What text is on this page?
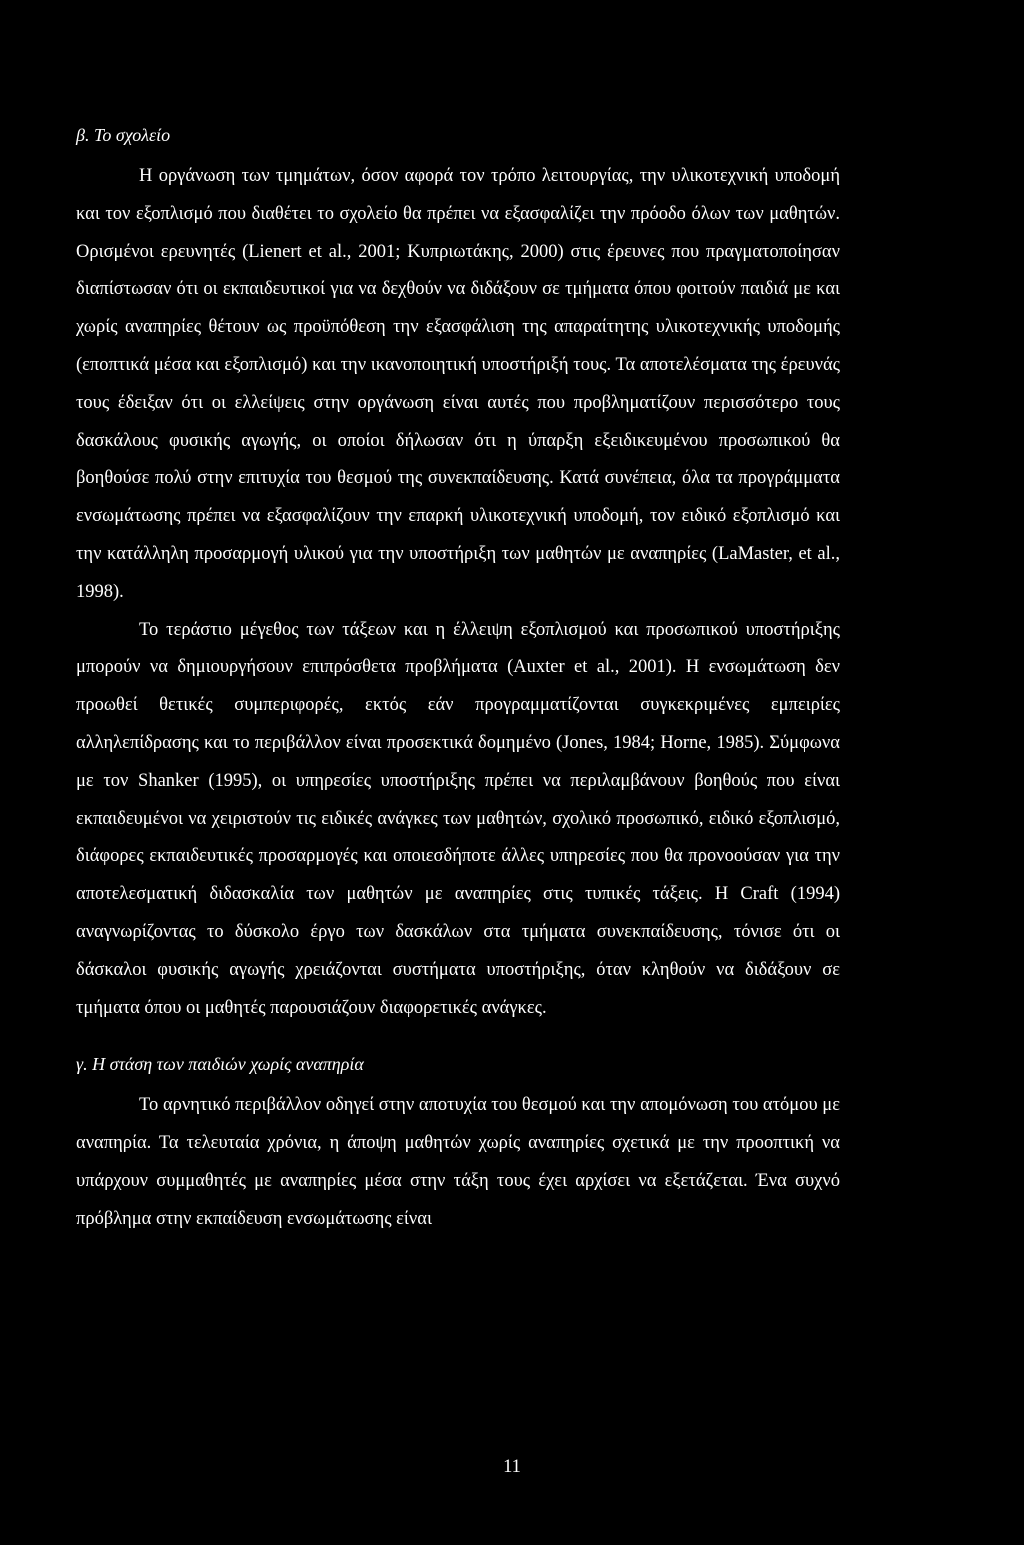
β. Το σχολείο

Η οργάνωση των τμημάτων, όσον αφορά τον τρόπο λειτουργίας, την υλικοτεχνική υποδομή και τον εξοπλισμό που διαθέτει το σχολείο θα πρέπει να εξασφαλίζει την πρόοδο όλων των μαθητών. Ορισμένοι ερευνητές (Lienert et al., 2001; Κυπριωτάκης, 2000) στις έρευνες που πραγματοποίησαν διαπίστωσαν ότι οι εκπαιδευτικοί για να δεχθούν να διδάξουν σε τμήματα όπου φοιτούν παιδιά με και χωρίς αναπηρίες θέτουν ως προϋπόθεση την εξασφάλιση της απαραίτητης υλικοτεχνικής υποδομής (εποπτικά μέσα και εξοπλισμό) και την ικανοποιητική υποστήριξή τους. Τα αποτελέσματα της έρευνάς τους έδειξαν ότι οι ελλείψεις στην οργάνωση είναι αυτές που προβληματίζουν περισσότερο τους δασκάλους φυσικής αγωγής, οι οποίοι δήλωσαν ότι η ύπαρξη εξειδικευμένου προσωπικού θα βοηθούσε πολύ στην επιτυχία του θεσμού της συνεκπαίδευσης. Κατά συνέπεια, όλα τα προγράμματα ενσωμάτωσης πρέπει να εξασφαλίζουν την επαρκή υλικοτεχνική υποδομή, τον ειδικό εξοπλισμό και την κατάλληλη προσαρμογή υλικού για την υποστήριξη των μαθητών με αναπηρίες (LaMaster, et al., 1998).

Το τεράστιο μέγεθος των τάξεων και η έλλειψη εξοπλισμού και προσωπικού υποστήριξης μπορούν να δημιουργήσουν επιπρόσθετα προβλήματα (Auxter et al., 2001). Η ενσωμάτωση δεν προωθεί θετικές συμπεριφορές, εκτός εάν προγραμματίζονται συγκεκριμένες εμπειρίες αλληλεπίδρασης και το περιβάλλον είναι προσεκτικά δομημένο (Jones, 1984; Horne, 1985). Σύμφωνα με τον Shanker (1995), οι υπηρεσίες υποστήριξης πρέπει να περιλαμβάνουν βοηθούς που είναι εκπαιδευμένοι να χειριστούν τις ειδικές ανάγκες των μαθητών, σχολικό προσωπικό, ειδικό εξοπλισμό, διάφορες εκπαιδευτικές προσαρμογές και οποιεσδήποτε άλλες υπηρεσίες που θα προνοούσαν για την αποτελεσματική διδασκαλία των μαθητών με αναπηρίες στις τυπικές τάξεις. Η Craft (1994) αναγνωρίζοντας το δύσκολο έργο των δασκάλων στα τμήματα συνεκπαίδευσης, τόνισε ότι οι δάσκαλοι φυσικής αγωγής χρειάζονται συστήματα υποστήριξης, όταν κληθούν να διδάξουν σε τμήματα όπου οι μαθητές παρουσιάζουν διαφορετικές ανάγκες.

γ. Η στάση των παιδιών χωρίς αναπηρία

Το αρνητικό περιβάλλον οδηγεί στην αποτυχία του θεσμού και την απομόνωση του ατόμου με αναπηρία. Τα τελευταία χρόνια, η άποψη μαθητών χωρίς αναπηρίες σχετικά με την προοπτική να υπάρχουν συμμαθητές με αναπηρίες μέσα στην τάξη τους έχει αρχίσει να εξετάζεται. Ένα συχνό πρόβλημα στην εκπαίδευση ενσωμάτωσης είναι

11
